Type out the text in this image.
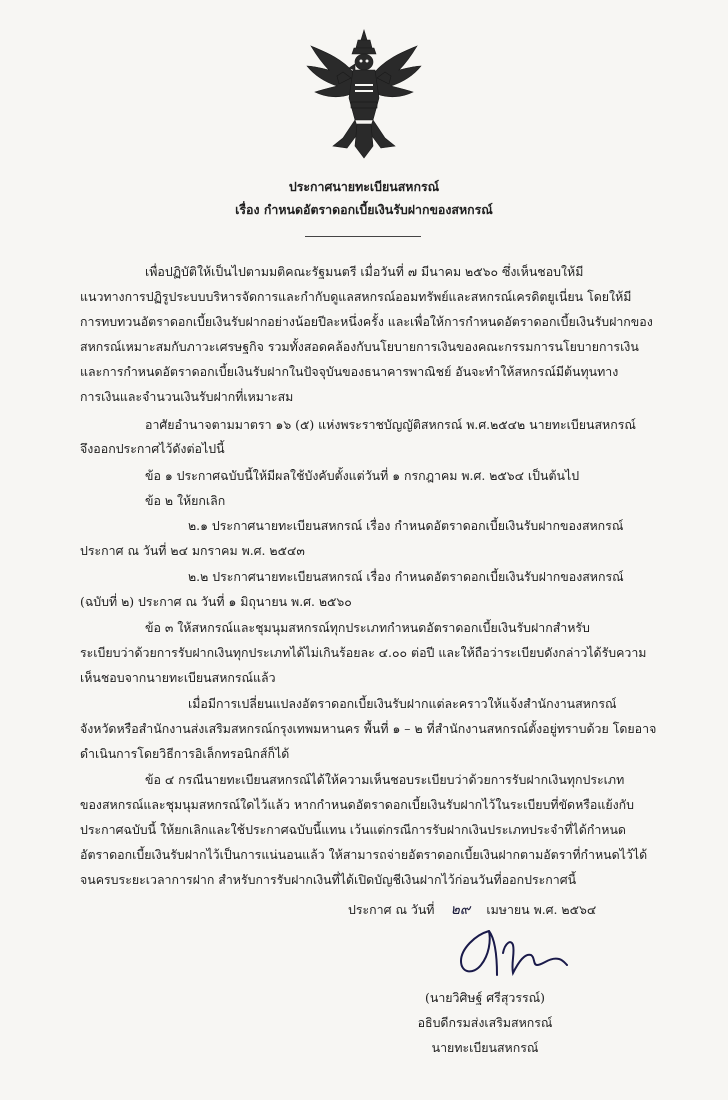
ประกาศนายทะเบียนสหกรณ์
เรื่อง กำหนดอัตราดอกเบี้ยเงินรับฝากของสหกรณ์
เพื่อปฏิบัติให้เป็นไปตามมติคณะรัฐมนตรี เมื่อวันที่ ๗ มีนาคม ๒๕๖๐ ซึ่งเห็นชอบให้มี
แนวทางการปฏิรูประบบบริหารจัดการและกำกับดูแลสหกรณ์ออมทรัพย์และสหกรณ์เครดิตยูเนี่ยน โดยให้มี
การทบทวนอัตราดอกเบี้ยเงินรับฝากอย่างน้อยปีละหนึ่งครั้ง และเพื่อให้การกำหนดอัตราดอกเบี้ยเงินรับฝากของ
สหกรณ์เหมาะสมกับภาวะเศรษฐกิจ รวมทั้งสอดคล้องกับนโยบายการเงินของคณะกรรมการนโยบายการเงิน
และการกำหนดอัตราดอกเบี้ยเงินรับฝากในปัจจุบันของธนาคารพาณิชย์ อันจะทำให้สหกรณ์มีต้นทุนทาง
การเงินและจำนวนเงินรับฝากที่เหมาะสม
อาศัยอำนาจตามมาตรา ๑๖ (๕) แห่งพระราชบัญญัติสหกรณ์ พ.ศ.๒๕๔๒ นายทะเบียนสหกรณ์
จึงออกประกาศไว้ดังต่อไปนี้
ข้อ ๑ ประกาศฉบับนี้ให้มีผลใช้บังคับตั้งแต่วันที่ ๑ กรกฎาคม พ.ศ. ๒๕๖๔ เป็นต้นไป
ข้อ ๒ ให้ยกเลิก
๒.๑ ประกาศนายทะเบียนสหกรณ์ เรื่อง กำหนดอัตราดอกเบี้ยเงินรับฝากของสหกรณ์
ประกาศ ณ วันที่ ๒๔ มกราคม พ.ศ. ๒๕๔๓
๒.๒ ประกาศนายทะเบียนสหกรณ์ เรื่อง กำหนดอัตราดอกเบี้ยเงินรับฝากของสหกรณ์
(ฉบับที่ ๒) ประกาศ ณ วันที่ ๑ มิถุนายน พ.ศ. ๒๕๖๐
ข้อ ๓ ให้สหกรณ์และชุมนุมสหกรณ์ทุกประเภทกำหนดอัตราดอกเบี้ยเงินรับฝากสำหรับ
ระเบียบว่าด้วยการรับฝากเงินทุกประเภทได้ไม่เกินร้อยละ ๔.๐๐ ต่อปี และให้ถือว่าระเบียบดังกล่าวได้รับความ
เห็นชอบจากนายทะเบียนสหกรณ์แล้ว
เมื่อมีการเปลี่ยนแปลงอัตราดอกเบี้ยเงินรับฝากแต่ละคราวให้แจ้งสำนักงานสหกรณ์
จังหวัดหรือสำนักงานส่งเสริมสหกรณ์กรุงเทพมหานคร พื้นที่ ๑ – ๒ ที่สำนักงานสหกรณ์ตั้งอยู่ทราบด้วย โดยอาจ
ดำเนินการโดยวิธีการอิเล็กทรอนิกส์ก็ได้
ข้อ ๔ กรณีนายทะเบียนสหกรณ์ได้ให้ความเห็นชอบระเบียบว่าด้วยการรับฝากเงินทุกประเภท
ของสหกรณ์และชุมนุมสหกรณ์ใดไว้แล้ว หากกำหนดอัตราดอกเบี้ยเงินรับฝากไว้ในระเบียบที่ขัดหรือแย้งกับ
ประกาศฉบับนี้ ให้ยกเลิกและใช้ประกาศฉบับนี้แทน เว้นแต่กรณีการรับฝากเงินประเภทประจำที่ได้กำหนด
อัตราดอกเบี้ยเงินรับฝากไว้เป็นการแน่นอนแล้ว ให้สามารถจ่ายอัตราดอกเบี้ยเงินฝากตามอัตราที่กำหนดไว้ได้
จนครบระยะเวลาการฝาก สำหรับการรับฝากเงินที่ได้เปิดบัญชีเงินฝากไว้ก่อนวันที่ออกประกาศนี้
ประกาศ ณ วันที่ ๒๙ เมษายน พ.ศ. ๒๕๖๔
(นายวิศิษฐ์ ศรีสุวรรณ์)
อธิบดีกรมส่งเสริมสหกรณ์
นายทะเบียนสหกรณ์
